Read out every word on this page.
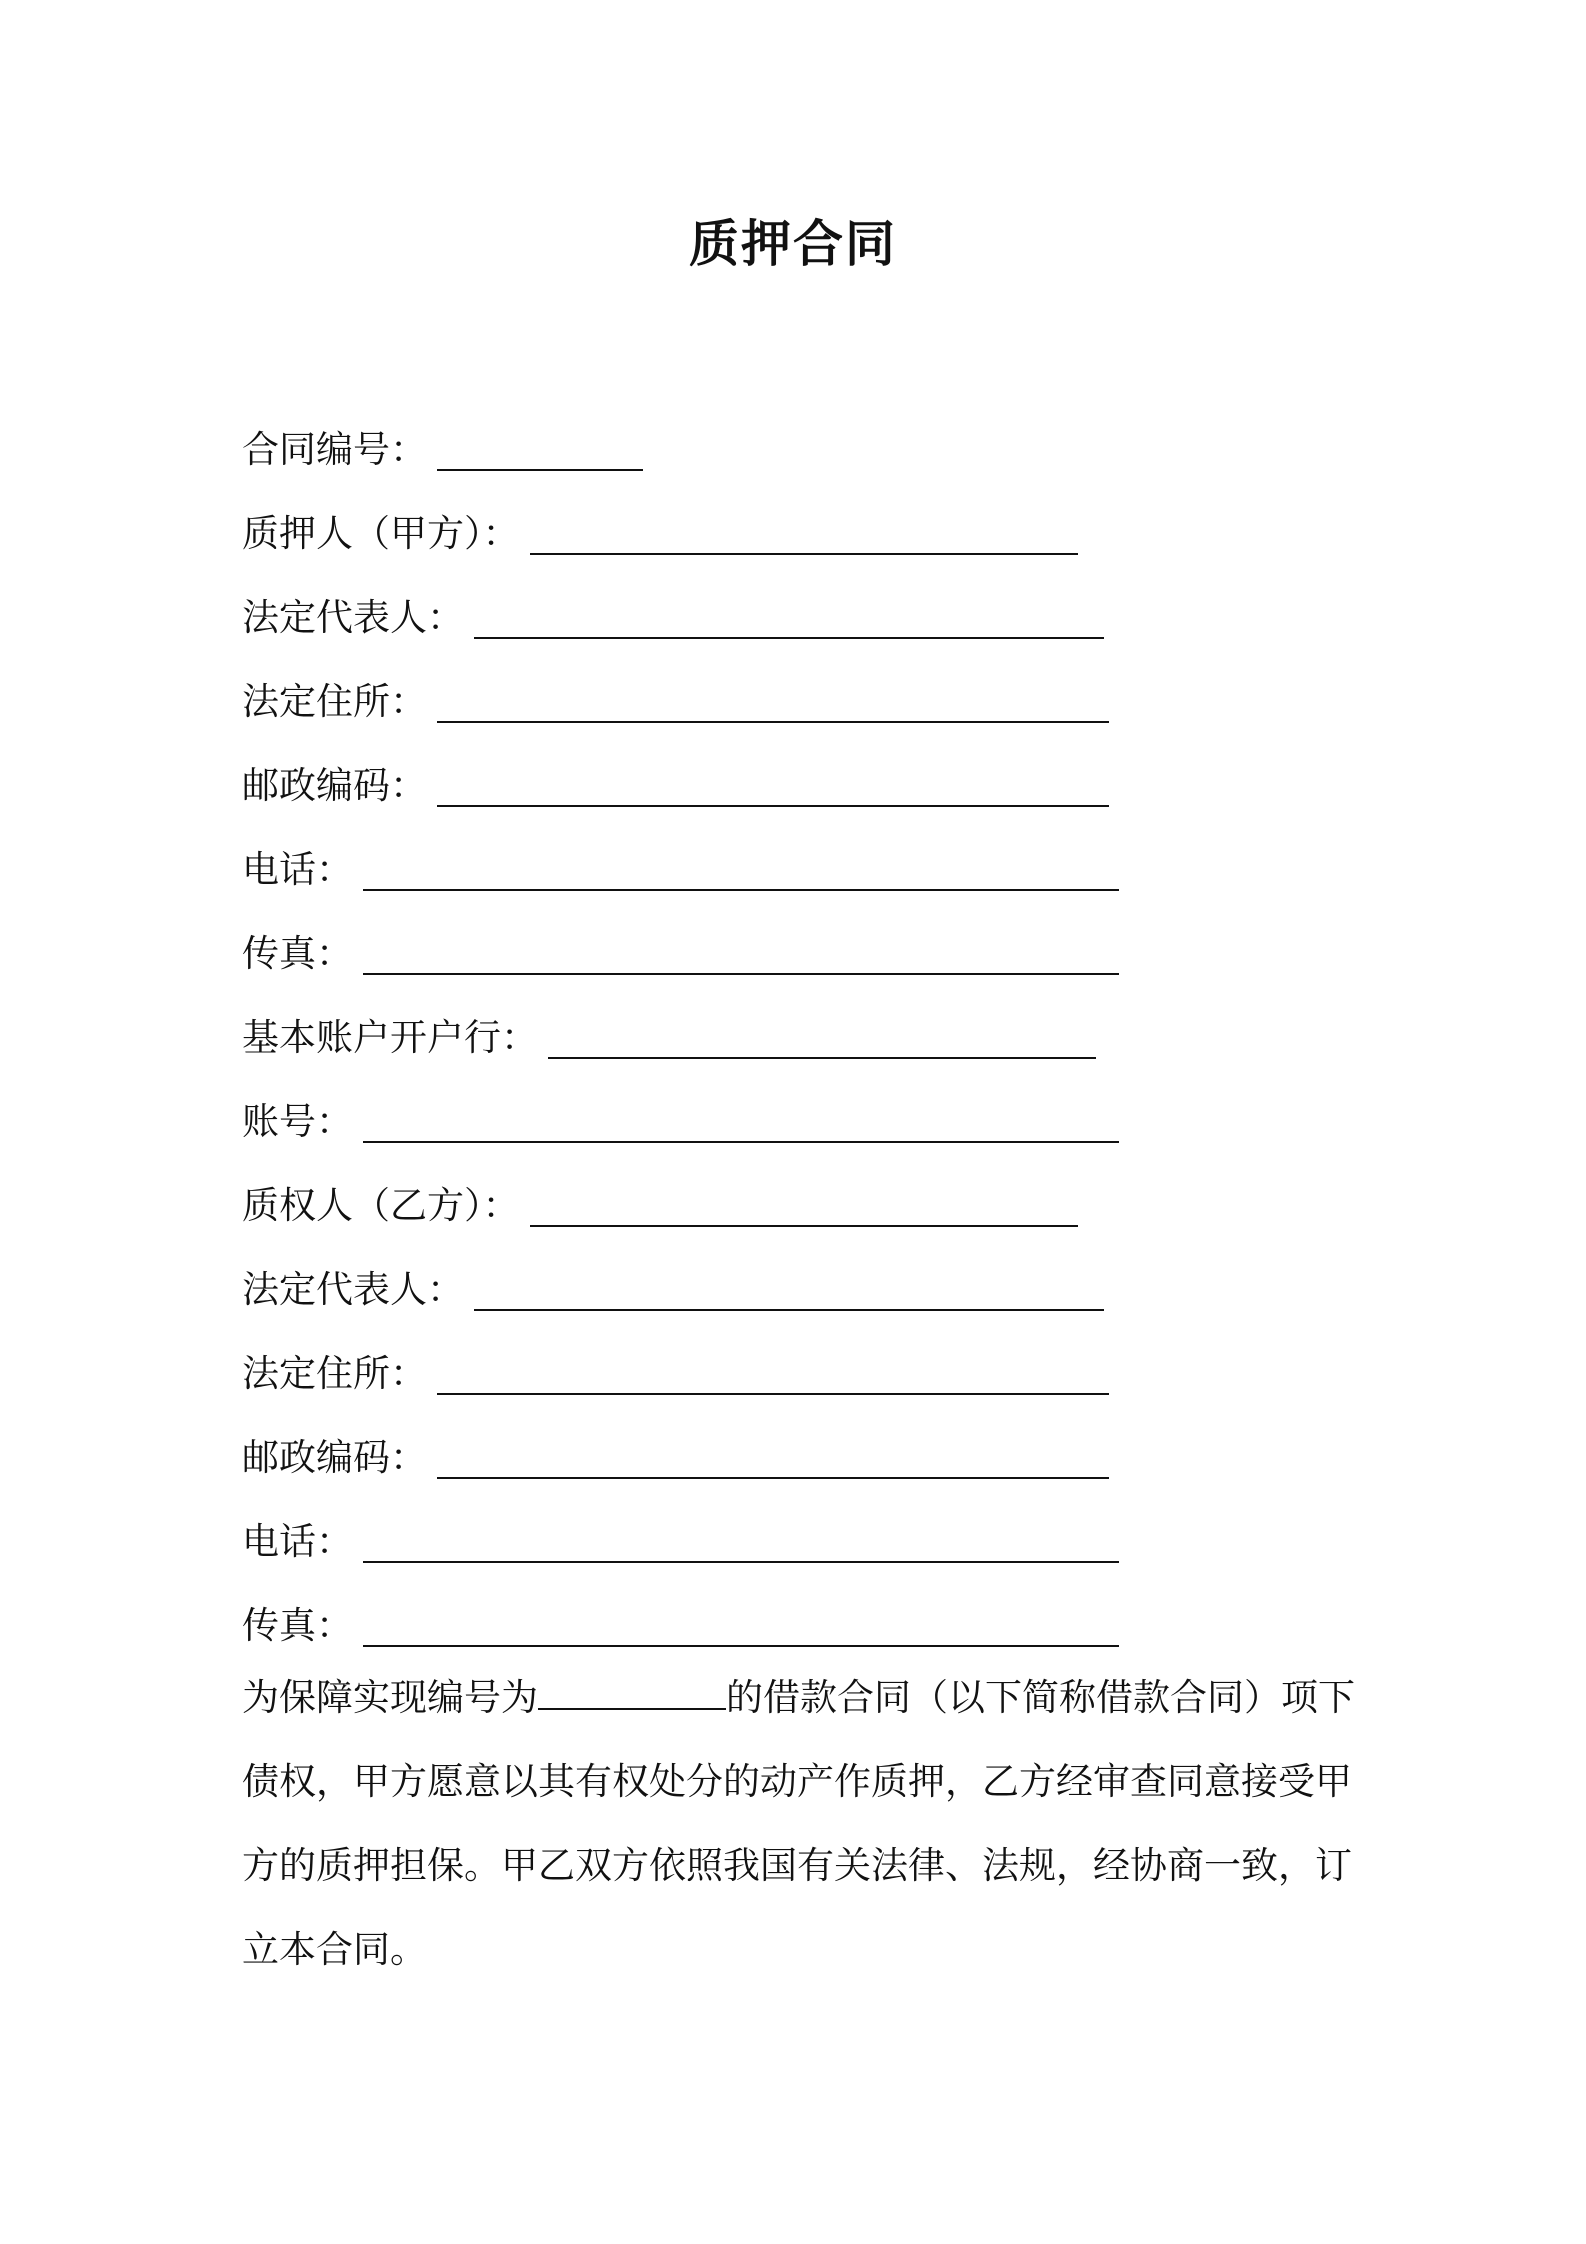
质押合同
合同编号：
质押人（甲方）：
法定代表人：
法定住所：
邮政编码：
电话：
传真：
基本账户开户行：
账号：
质权人（乙方）：
法定代表人：
法定住所：
邮政编码：
电话：
传真：
为保障实现编号为	的借款合同（以下简称借款合同）项下
债权，甲方愿意以其有权处分的动产作质押，乙方经审查同意接受甲
方的质押担保。甲乙双方依照我国有关法律、法规，经协商一致，订
立本合同。
